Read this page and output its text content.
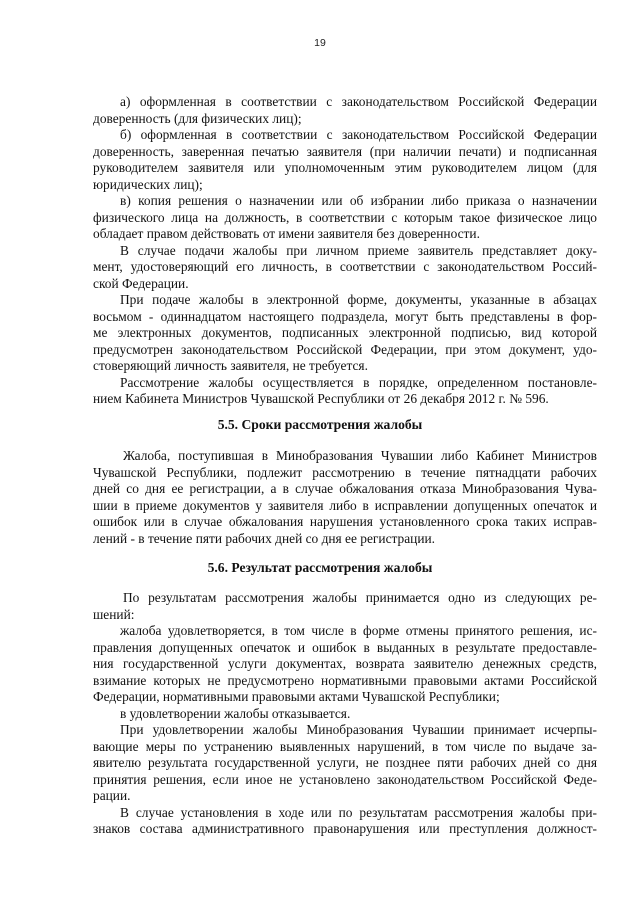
19
а) оформленная в соответствии с законодательством Российской Федерации
доверенность (для физических лиц);
б) оформленная в соответствии с законодательством Российской Федерации
доверенность, заверенная печатью заявителя (при наличии печати) и подписанная
руководителем заявителя или уполномоченным этим руководителем лицом (для
юридических лиц);
в) копия решения о назначении или об избрании либо приказа о назначении
физического лица на должность, в соответствии с которым такое физическое лицо
обладает правом действовать от имени заявителя без доверенности.
В случае подачи жалобы при личном приеме заявитель представляет доку-
мент, удостоверяющий его личность, в соответствии с законодательством Россий-
ской Федерации.
При подаче жалобы в электронной форме, документы, указанные в абзацах
восьмом - одиннадцатом настоящего подраздела, могут быть представлены в фор-
ме электронных документов, подписанных электронной подписью, вид которой
предусмотрен законодательством Российской Федерации, при этом документ, удо-
стоверяющий личность заявителя, не требуется.
Рассмотрение жалобы осуществляется в порядке, определенном постановле-
нием Кабинета Министров Чувашской Республики от 26 декабря 2012 г. № 596.
5.5. Сроки рассмотрения жалобы
Жалоба, поступившая в Минобразования Чувашии либо Кабинет Министров
Чувашской Республики, подлежит рассмотрению в течение пятнадцати рабочих
дней со дня ее регистрации, а в случае обжалования отказа Минобразования Чува-
шии в приеме документов у заявителя либо в исправлении допущенных опечаток и
ошибок или в случае обжалования нарушения установленного срока таких исправ-
лений - в течение пяти рабочих дней со дня ее регистрации.
5.6. Результат рассмотрения жалобы
По результатам рассмотрения жалобы принимается одно из следующих ре-
шений:
жалоба удовлетворяется, в том числе в форме отмены принятого решения, ис-
правления допущенных опечаток и ошибок в выданных в результате предоставле-
ния государственной услуги документах, возврата заявителю денежных средств,
взимание которых не предусмотрено нормативными правовыми актами Российской
Федерации, нормативными правовыми актами Чувашской Республики;
в удовлетворении жалобы отказывается.
При удовлетворении жалобы Минобразования Чувашии принимает исчерпы-
вающие меры по устранению выявленных нарушений, в том числе по выдаче за-
явителю результата государственной услуги, не позднее пяти рабочих дней со дня
принятия решения, если иное не установлено законодательством Российской Феде-
рации.
В случае установления в ходе или по результатам рассмотрения жалобы при-
знаков состава административного правонарушения или преступления должност-
